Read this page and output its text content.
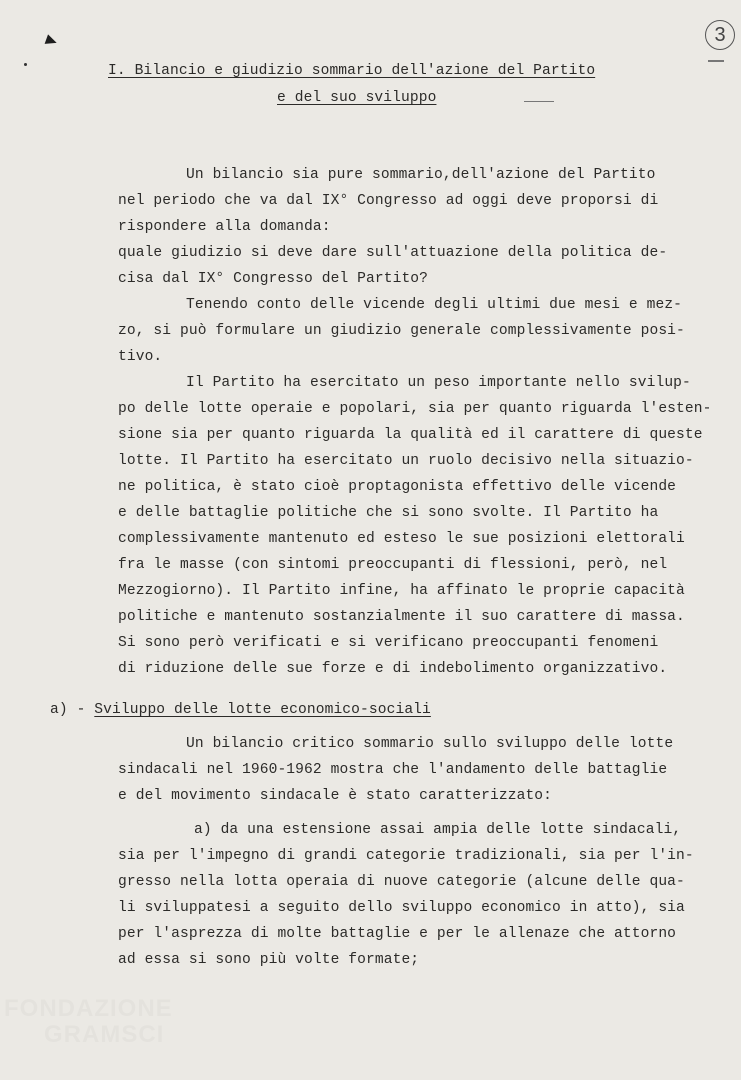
3
I. Bilancio e giudizio sommario dell'azione del Partito
e del suo sviluppo
Un bilancio sia pure sommario,dell'azione del Partito
nel periodo che va dal IX° Congresso ad oggi deve proporsi di
rispondere alla domanda:
quale giudizio si deve dare sull'attuazione della politica de-
cisa dal IX° Congresso del Partito?
Tenendo conto delle vicende degli ultimi due mesi e mez-
zo, si può formulare un giudizio generale complessivamente posi-
tivo.
Il Partito ha esercitato un peso importante nello svilup-
po delle lotte operaie e popolari, sia per quanto riguarda l'esten-
sione sia per quanto riguarda la qualità ed il carattere di queste
lotte. Il Partito ha esercitato un ruolo decisivo nella situazio-
ne politica, è stato cioè proptagonista effettivo delle vicende
e delle battaglie politiche che si sono svolte. Il Partito ha
complessivamente mantenuto ed esteso le sue posizioni elettorali
fra le masse (con sintomi preoccupanti di flessioni, però, nel
Mezzogiorno). Il Partito infine, ha affinato le proprie capacità
politiche e mantenuto sostanzialmente il suo carattere di massa.
Si sono però verificati e si verificano preoccupanti fenomeni
di riduzione delle sue forze e di indebolimento organizzativo.
a) - Sviluppo delle lotte economico-sociali
Un bilancio critico sommario sullo sviluppo delle lotte
sindacali nel 1960-1962 mostra che l'andamento delle battaglie
e del movimento sindacale è stato caratterizzato:
a) da una estensione assai ampia delle lotte sindacali,
sia per l'impegno di grandi categorie tradizionali, sia per l'in-
gresso nella lotta operaia di nuove categorie (alcune delle qua-
li sviluppatesi a seguito dello sviluppo economico in atto), sia
per l'asprezza di molte battaglie e per le allenaze che attorno
ad essa si sono più volte formate;
FONDAZIONE
GRAMSCI
